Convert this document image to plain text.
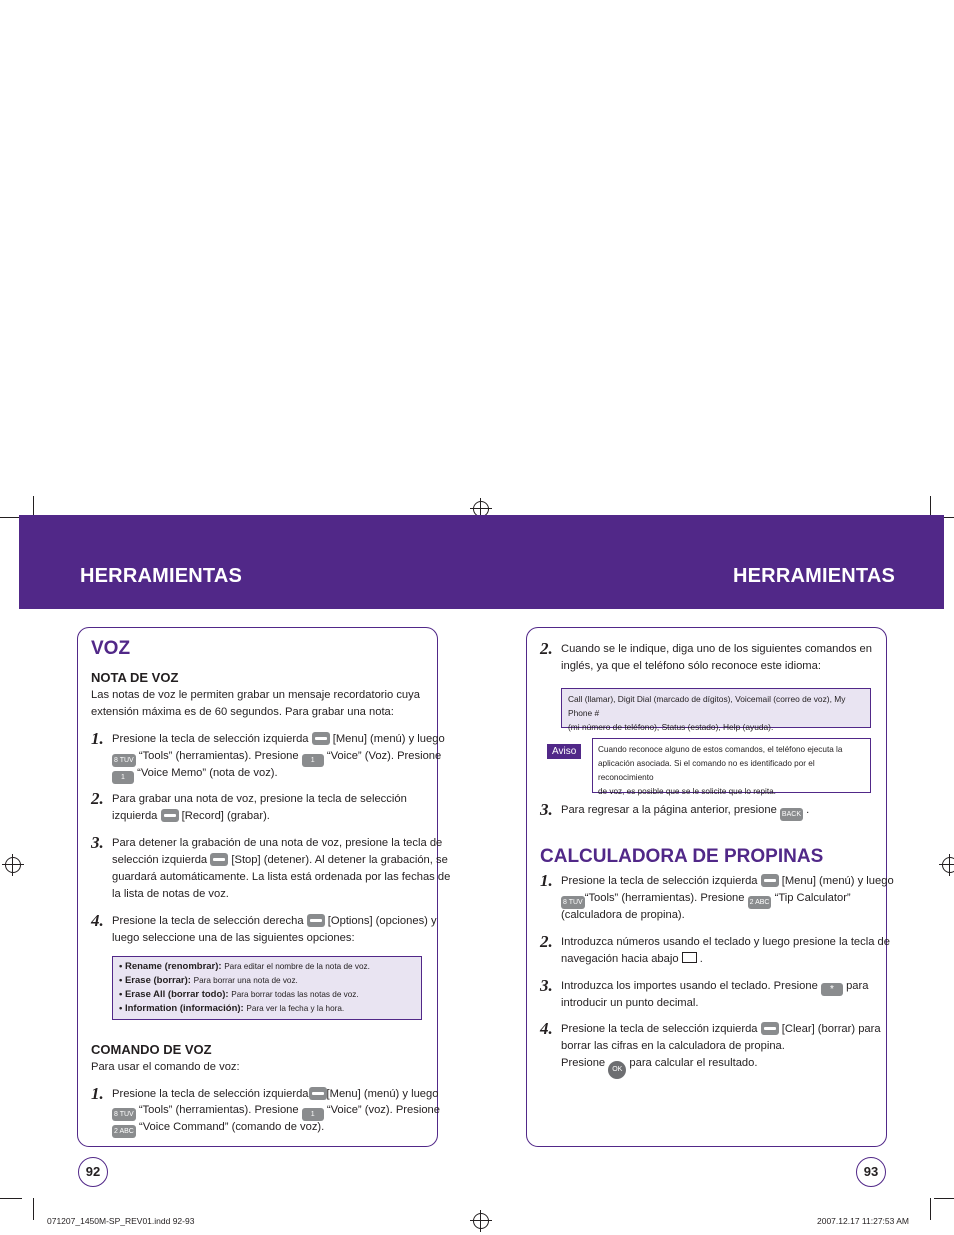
HERRAMIENTAS	HERRAMIENTAS
VOZ
NOTA DE VOZ
Las notas de voz le permiten grabar un mensaje recordatorio cuya
extensión máxima es de 60 segundos. Para grabar una nota:
1. Presione la tecla de selección izquierda [Menu] (menú) y luego
8 TUV “Tools” (herramientas). Presione 1 “Voice” (Voz). Presione
1 “Voice Memo” (nota de voz).
2. Para grabar una nota de voz, presione la tecla de selección
izquierda [Record] (grabar).
3. Para detener la grabación de una nota de voz, presione la tecla de
selección izquierda [Stop] (detener). Al detener la grabación, se
guardará automáticamente. La lista está ordenada por las fechas de
la lista de notas de voz.
4. Presione la tecla de selección derecha [Options] (opciones) y
luego seleccione una de las siguientes opciones:
• Rename (renombrar): Para editar el nombre de la nota de voz.
• Erase (borrar): Para borrar una nota de voz.
• Erase All (borrar todo): Para borrar todas las notas de voz.
• Information (información): Para ver la fecha y la hora.
COMANDO DE VOZ
Para usar el comando de voz:
1. Presione la tecla de selección izquierda [Menu] (menú) y luego
8 TUV “Tools” (herramientas). Presione 1 “Voice” (voz). Presione
2 ABC “Voice Command” (comando de voz).
92
2. Cuando se le indique, diga uno de los siguientes comandos en
inglés, ya que el teléfono sólo reconoce este idioma:
Call (llamar), Digit Dial (marcado de dígitos), Voicemail (correo de voz), My Phone #
(mi número de teléfono), Status (estado), Help (ayuda).
Cuando reconoce alguno de estos comandos, el teléfono ejecuta la
aplicación asociada. Si el comando no es identificado por el reconocimiento
de voz, es posible que se le solicite que lo repita.
Aviso
3. Para regresar a la página anterior, presione BACK .
CALCULADORA DE PROPINAS
1. Presione la tecla de selección izquierda [Menu] (menú) y luego
8 TUV “Tools” (herramientas). Presione 2 ABC “Tip Calculator”
(calculadora de propina).
2. Introduzca números usando el teclado y luego presione la tecla de
navegación hacia abajo .
3. Introduzca los importes usando el teclado. Presione * para
introducir un punto decimal.
4. Presione la tecla de selección izquierda [Clear] (borrar) para
borrar las cifras en la calculadora de propina.
Presione OK para calcular el resultado.
93
071207_1450M-SP_REV01.indd 92-93	2007.12.17 11:27:53 AM
